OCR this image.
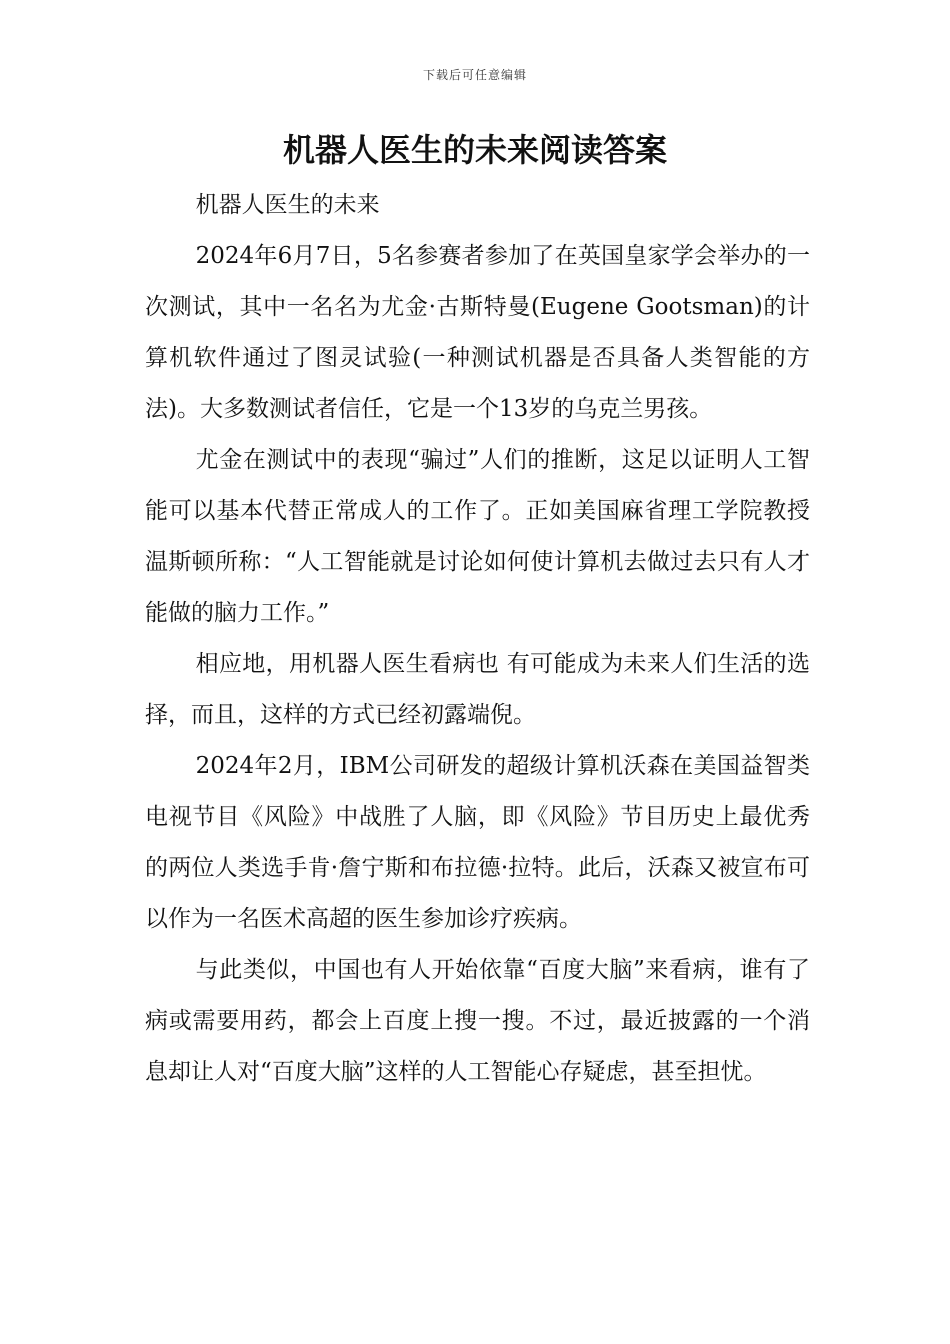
下载后可任意编辑
机器人医生的未来阅读答案

机器人医生的未来

2024年6月7日，5名参赛者参加了在英国皇家学会举办的一次测试，其中一名名为尤金·古斯特曼(Eugene Gootsman)的计算机软件通过了图灵试验(一种测试机器是否具备人类智能的方法)。大多数测试者信任，它是一个13岁的乌克兰男孩。

尤金在测试中的表现“骗过”人们的推断，这足以证明人工智能可以基本代替正常成人的工作了。正如美国麻省理工学院教授温斯顿所称：“人工智能就是讨论如何使计算机去做过去只有人才能做的脑力工作。”

相应地，用机器人医生看病也 有可能成为未来人们生活的选择，而且，这样的方式已经初露端倪。

2024年2月，IBM公司研发的超级计算机沃森在美国益智类电视节目《风险》中战胜了人脑，即《风险》节目历史上最优秀的两位人类选手肯·詹宁斯和布拉德·拉特。此后，沃森又被宣布可以作为一名医术高超的医生参加诊疗疾病。

与此类似，中国也有人开始依靠“百度大脑”来看病，谁有了病或需要用药，都会上百度上搜一搜。不过，最近披露的一个消息却让人对“百度大脑”这样的人工智能心存疑虑，甚至担忧。
